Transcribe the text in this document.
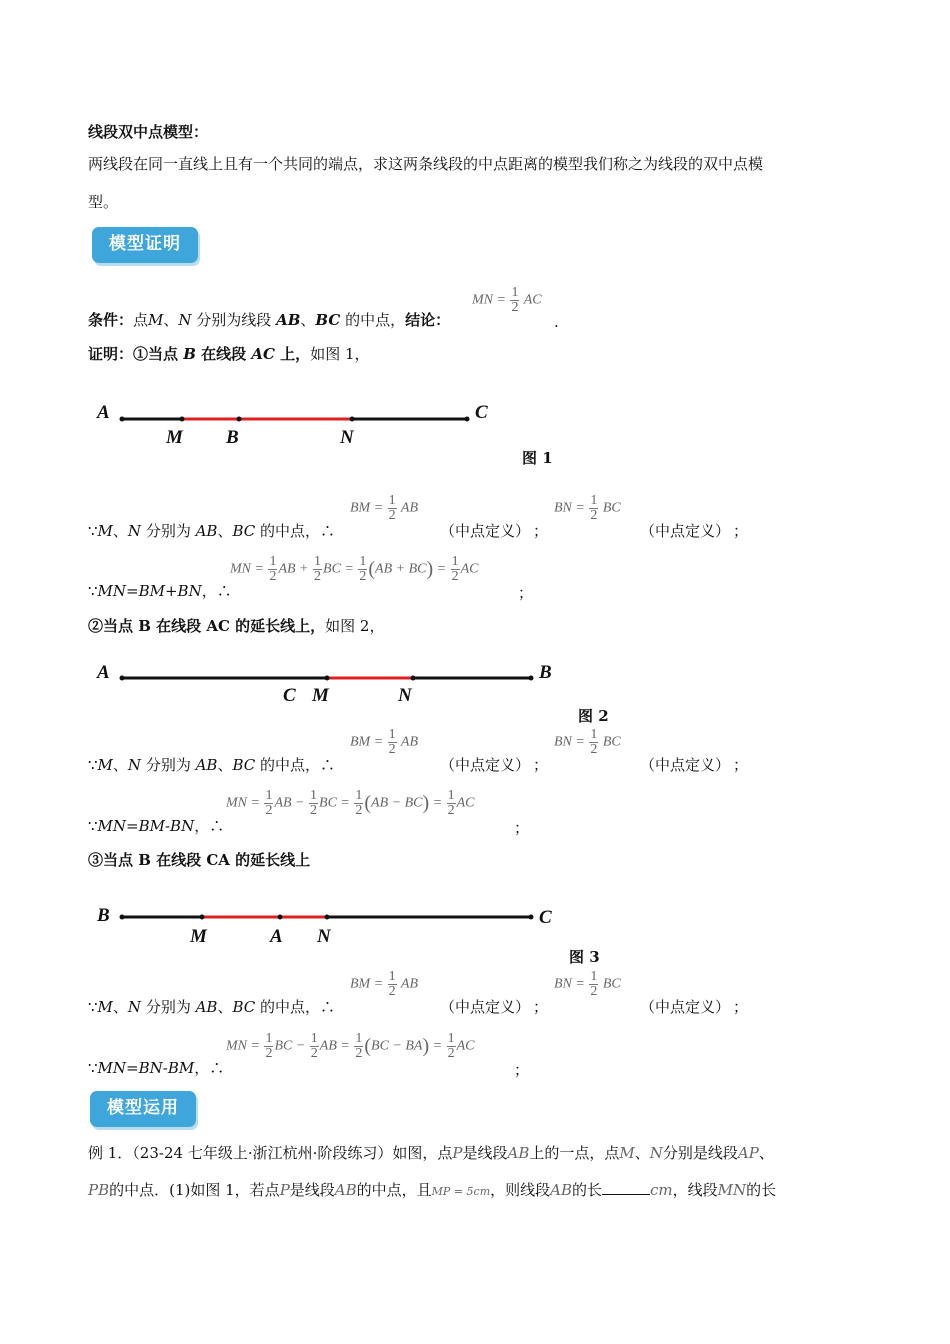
线段双中点模型：
两线段在同一直线上且有一个共同的端点，求这两条线段的中点距离的模型我们称之为线段的双中点模
型。
模型证明
条件：点M、N 分别为线段 AB、BC 的中点，结论：
MN = $\frac{1}{2}$ AC
.
证明：①当点 B 在线段 AC 上，如图 1，
A	C
M B	N
图 1
∵M、N 分别为 AB、BC 的中点，∴
BM = $\frac{1}{2}$ AB
（中点定义） ；
BN = $\frac{1}{2}$ BC
（中点定义） ；
∵MN=BM+BN，∴
MN = $\frac{1}{2}$ AB + $\frac{1}{2}$ BC = $\frac{1}{2} (AB + BC) = \frac{1}{2}$ AC
；
②当点 B 在线段 AC 的延长线上，如图 2，
A	B
C M	N
图 2
∵M、N 分别为 AB、BC 的中点，∴
BM = $\frac{1}{2}$ AB
（中点定义） ；
BN = $\frac{1}{2}$ BC
（中点定义） ；
∵MN=BM-BN，∴
MN = $\frac{1}{2}$ AB − $\frac{1}{2}$ BC = $\frac{1}{2} (AB - BC) = \frac{1}{2}$ AC
；
③当点 B 在线段 CA 的延长线上
B	C
M	A N
图 3
∵M、N 分别为 AB、BC 的中点，∴
BM = $\frac{1}{2}$ AB
（中点定义） ；
BN = $\frac{1}{2}$ BC
（中点定义） ；
∵MN=BN-BM，∴
MN = $\frac{1}{2}$ BC − $\frac{1}{2}$ AB = $\frac{1}{2} (BC - BA) = \frac{1}{2}$ AC
；
模型运用
例 1．（23-24 七年级上·浙江杭州·阶段练习）如图，点P是线段AB上的一点，点M、N分别是线段AP、
PB的中点．(1)如图 1，若点P是线段AB的中点，且MP = 5cm，则线段AB的长	cm，线段MN的长
